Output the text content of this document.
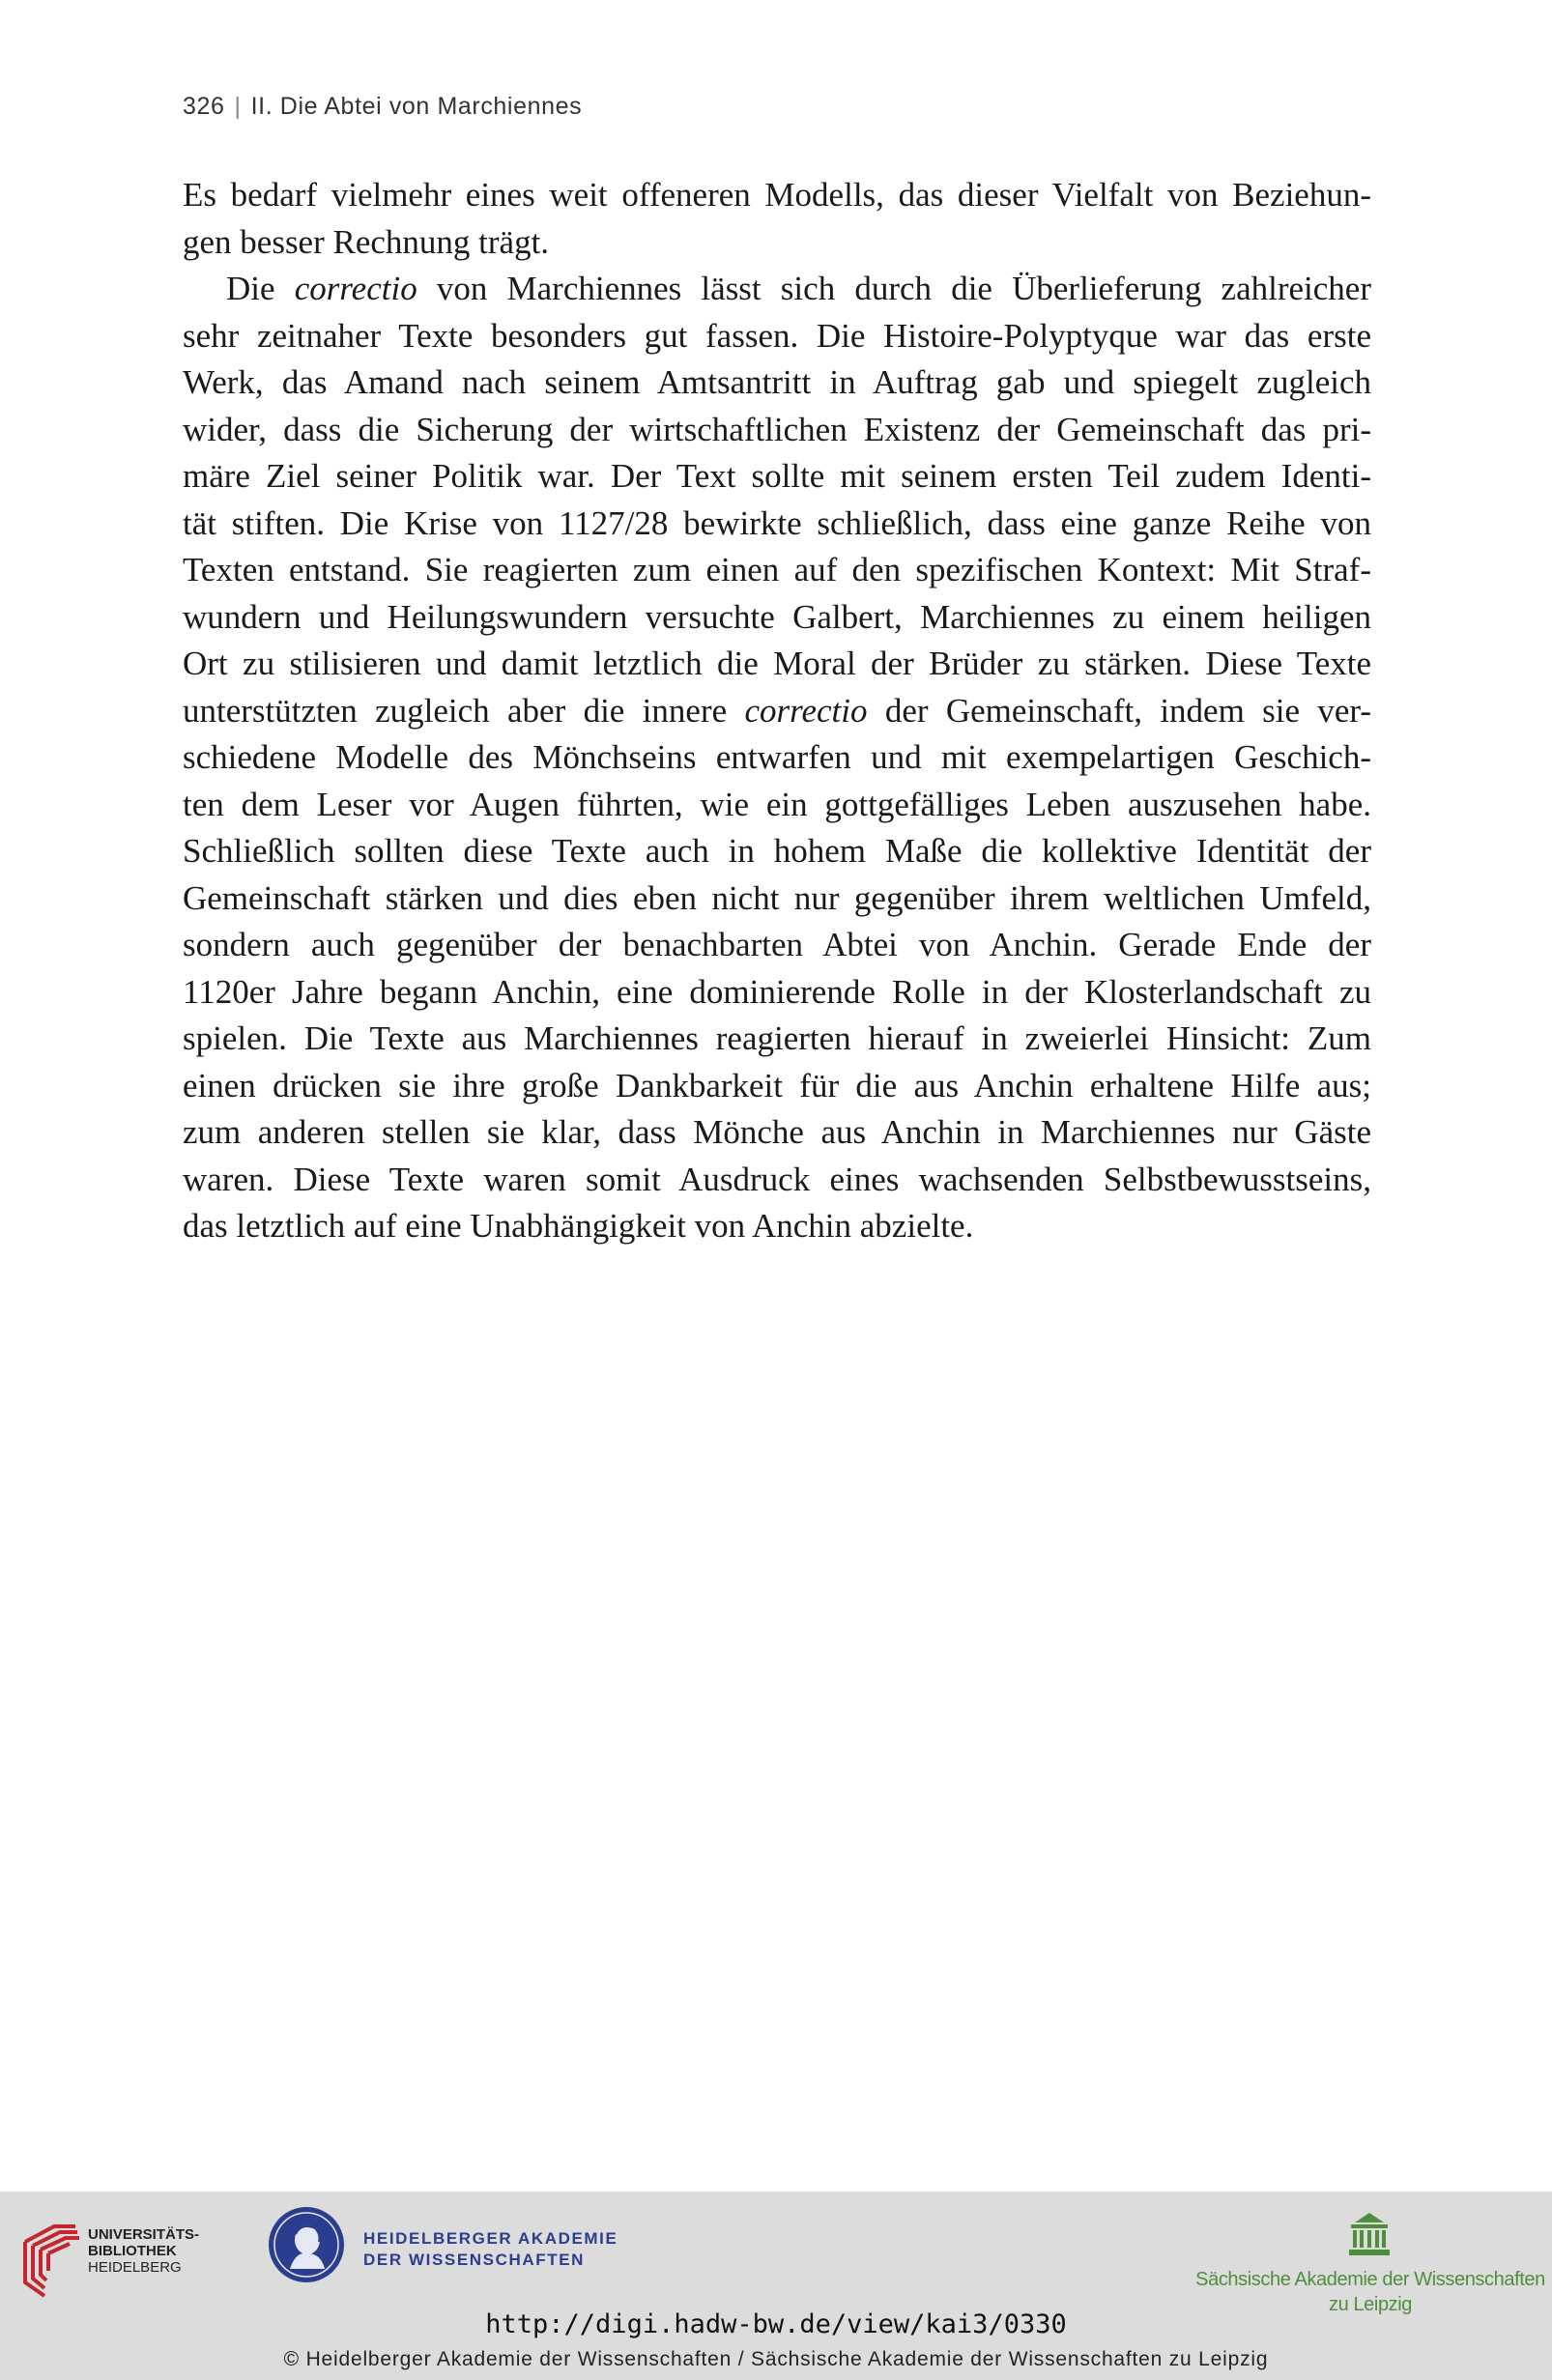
326 | II. Die Abtei von Marchiennes
Es bedarf vielmehr eines weit offeneren Modells, das dieser Vielfalt von Beziehun-
gen besser Rechnung trägt.
Die correctio von Marchiennes lässt sich durch die Überlieferung zahlreicher
sehr zeitnaher Texte besonders gut fassen. Die Histoire-Polyptyque war das erste
Werk, das Amand nach seinem Amtsantritt in Auftrag gab und spiegelt zugleich
wider, dass die Sicherung der wirtschaftlichen Existenz der Gemeinschaft das pri-
märe Ziel seiner Politik war. Der Text sollte mit seinem ersten Teil zudem Identi-
tät stiften. Die Krise von 1127/28 bewirkte schließlich, dass eine ganze Reihe von
Texten entstand. Sie reagierten zum einen auf den spezifischen Kontext: Mit Straf-
wundern und Heilungswundern versuchte Galbert, Marchiennes zu einem heiligen
Ort zu stilisieren und damit letztlich die Moral der Brüder zu stärken. Diese Texte
unterstützten zugleich aber die innere correctio der Gemeinschaft, indem sie ver-
schiedene Modelle des Mönchseins entwarfen und mit exempelartigen Geschich-
ten dem Leser vor Augen führten, wie ein gottgefälliges Leben auszusehen habe.
Schließlich sollten diese Texte auch in hohem Maße die kollektive Identität der
Gemeinschaft stärken und dies eben nicht nur gegenüber ihrem weltlichen Umfeld,
sondern auch gegenüber der benachbarten Abtei von Anchin. Gerade Ende der
1120er Jahre begann Anchin, eine dominierende Rolle in der Klosterlandschaft zu
spielen. Die Texte aus Marchiennes reagierten hierauf in zweierlei Hinsicht: Zum
einen drücken sie ihre große Dankbarkeit für die aus Anchin erhaltene Hilfe aus;
zum anderen stellen sie klar, dass Mönche aus Anchin in Marchiennes nur Gäste
waren. Diese Texte waren somit Ausdruck eines wachsenden Selbstbewusstseins,
das letztlich auf eine Unabhängigkeit von Anchin abzielte.
UNIVERSITÄTS-
BIBLIOTHEK
HEIDELBERG
HEIDELBERGER AKADEMIE
DER WISSENSCHAFTEN
Sächsische Akademie der Wissenschaften
zu Leipzig
http://digi.hadw-bw.de/view/kai3/0330
© Heidelberger Akademie der Wissenschaften / Sächsische Akademie der Wissenschaften zu Leipzig
